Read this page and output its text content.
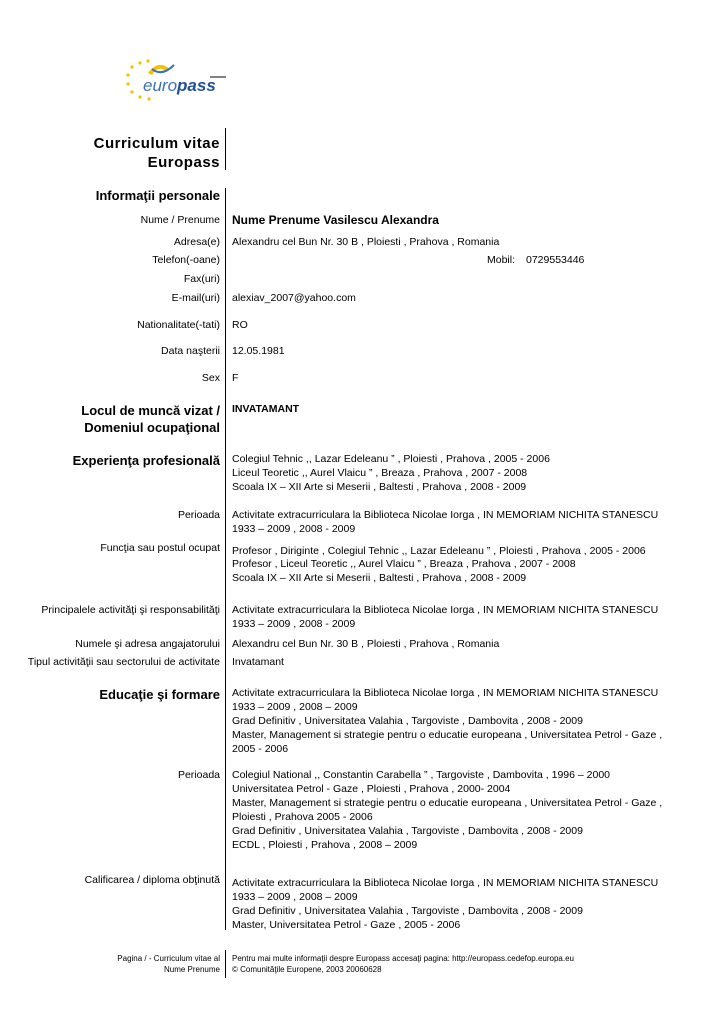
europass
Curriculum vitae
Europass
Informaţii personale
Nume / Prenume Nume Prenume Vasilescu Alexandra
Adresa(e) Alexandru cel Bun Nr. 30 B , Ploiesti , Prahova , Romania
Telefon(-oane)	Mobil: 0729553446
Fax(uri)
E-mail(uri) alexiav_2007@yahoo.com
Nationalitate(-tati) RO
Data naşterii 12.05.1981
Sex F
Locul de muncă vizat /
Domeniul ocupaţional
INVATAMANT
Experienţa profesională Colegiul Tehnic ,, Lazar Edeleanu ” , Ploiesti , Prahova , 2005 - 2006
Liceul Teoretic ,, Aurel Vlaicu ” , Breaza , Prahova , 2007 - 2008
Scoala IX – XII Arte si Meserii , Baltesti , Prahova , 2008 - 2009
Perioada Activitate extracurriculara la Biblioteca Nicolae Iorga , IN MEMORIAM NICHITA STANESCU
1933 – 2009 , 2008 - 2009
Funcţia sau postul ocupat Profesor , Diriginte , Colegiul Tehnic ,, Lazar Edeleanu ” , Ploiesti , Prahova , 2005 - 2006
Profesor , Liceul Teoretic ,, Aurel Vlaicu ” , Breaza , Prahova , 2007 - 2008
Scoala IX – XII Arte si Meserii , Baltesti , Prahova , 2008 - 2009
Principalele activităţi şi responsabilităţi Activitate extracurriculara la Biblioteca Nicolae Iorga , IN MEMORIAM NICHITA STANESCU
1933 – 2009 , 2008 - 2009
Numele şi adresa angajatorului Alexandru cel Bun Nr. 30 B , Ploiesti , Prahova , Romania
Tipul activităţii sau sectorului de activitate Invatamant
Educaţie şi formare Activitate extracurriculara la Biblioteca Nicolae Iorga , IN MEMORIAM NICHITA STANESCU
1933 – 2009 , 2008 – 2009
Grad Definitiv , Universitatea Valahia , Targoviste , Dambovita , 2008 - 2009
Master, Management si strategie pentru o educatie europeana , Universitatea Petrol - Gaze ,
2005 - 2006
Perioada Colegiul National ,, Constantin Carabella ” , Targoviste , Dambovita , 1996 – 2000
Universitatea Petrol - Gaze , Ploiesti , Prahova , 2000- 2004
Master, Management si strategie pentru o educatie europeana , Universitatea Petrol - Gaze ,
Ploiesti , Prahova 2005 - 2006
Grad Definitiv , Universitatea Valahia , Targoviste , Dambovita , 2008 - 2009
ECDL , Ploiesti , Prahova , 2008 – 2009
Calificarea / diploma obţinută Activitate extracurriculara la Biblioteca Nicolae Iorga , IN MEMORIAM NICHITA STANESCU
1933 – 2009 , 2008 – 2009
Grad Definitiv , Universitatea Valahia , Targoviste , Dambovita , 2008 - 2009
Master, Universitatea Petrol - Gaze , 2005 - 2006
Pagina / - Curriculum vitae al
Nume Prenume
Pentru mai multe informaţii despre Europass accesaţi pagina: http://europass.cedefop.europa.eu
© Comunităţile Europene, 2003 20060628
